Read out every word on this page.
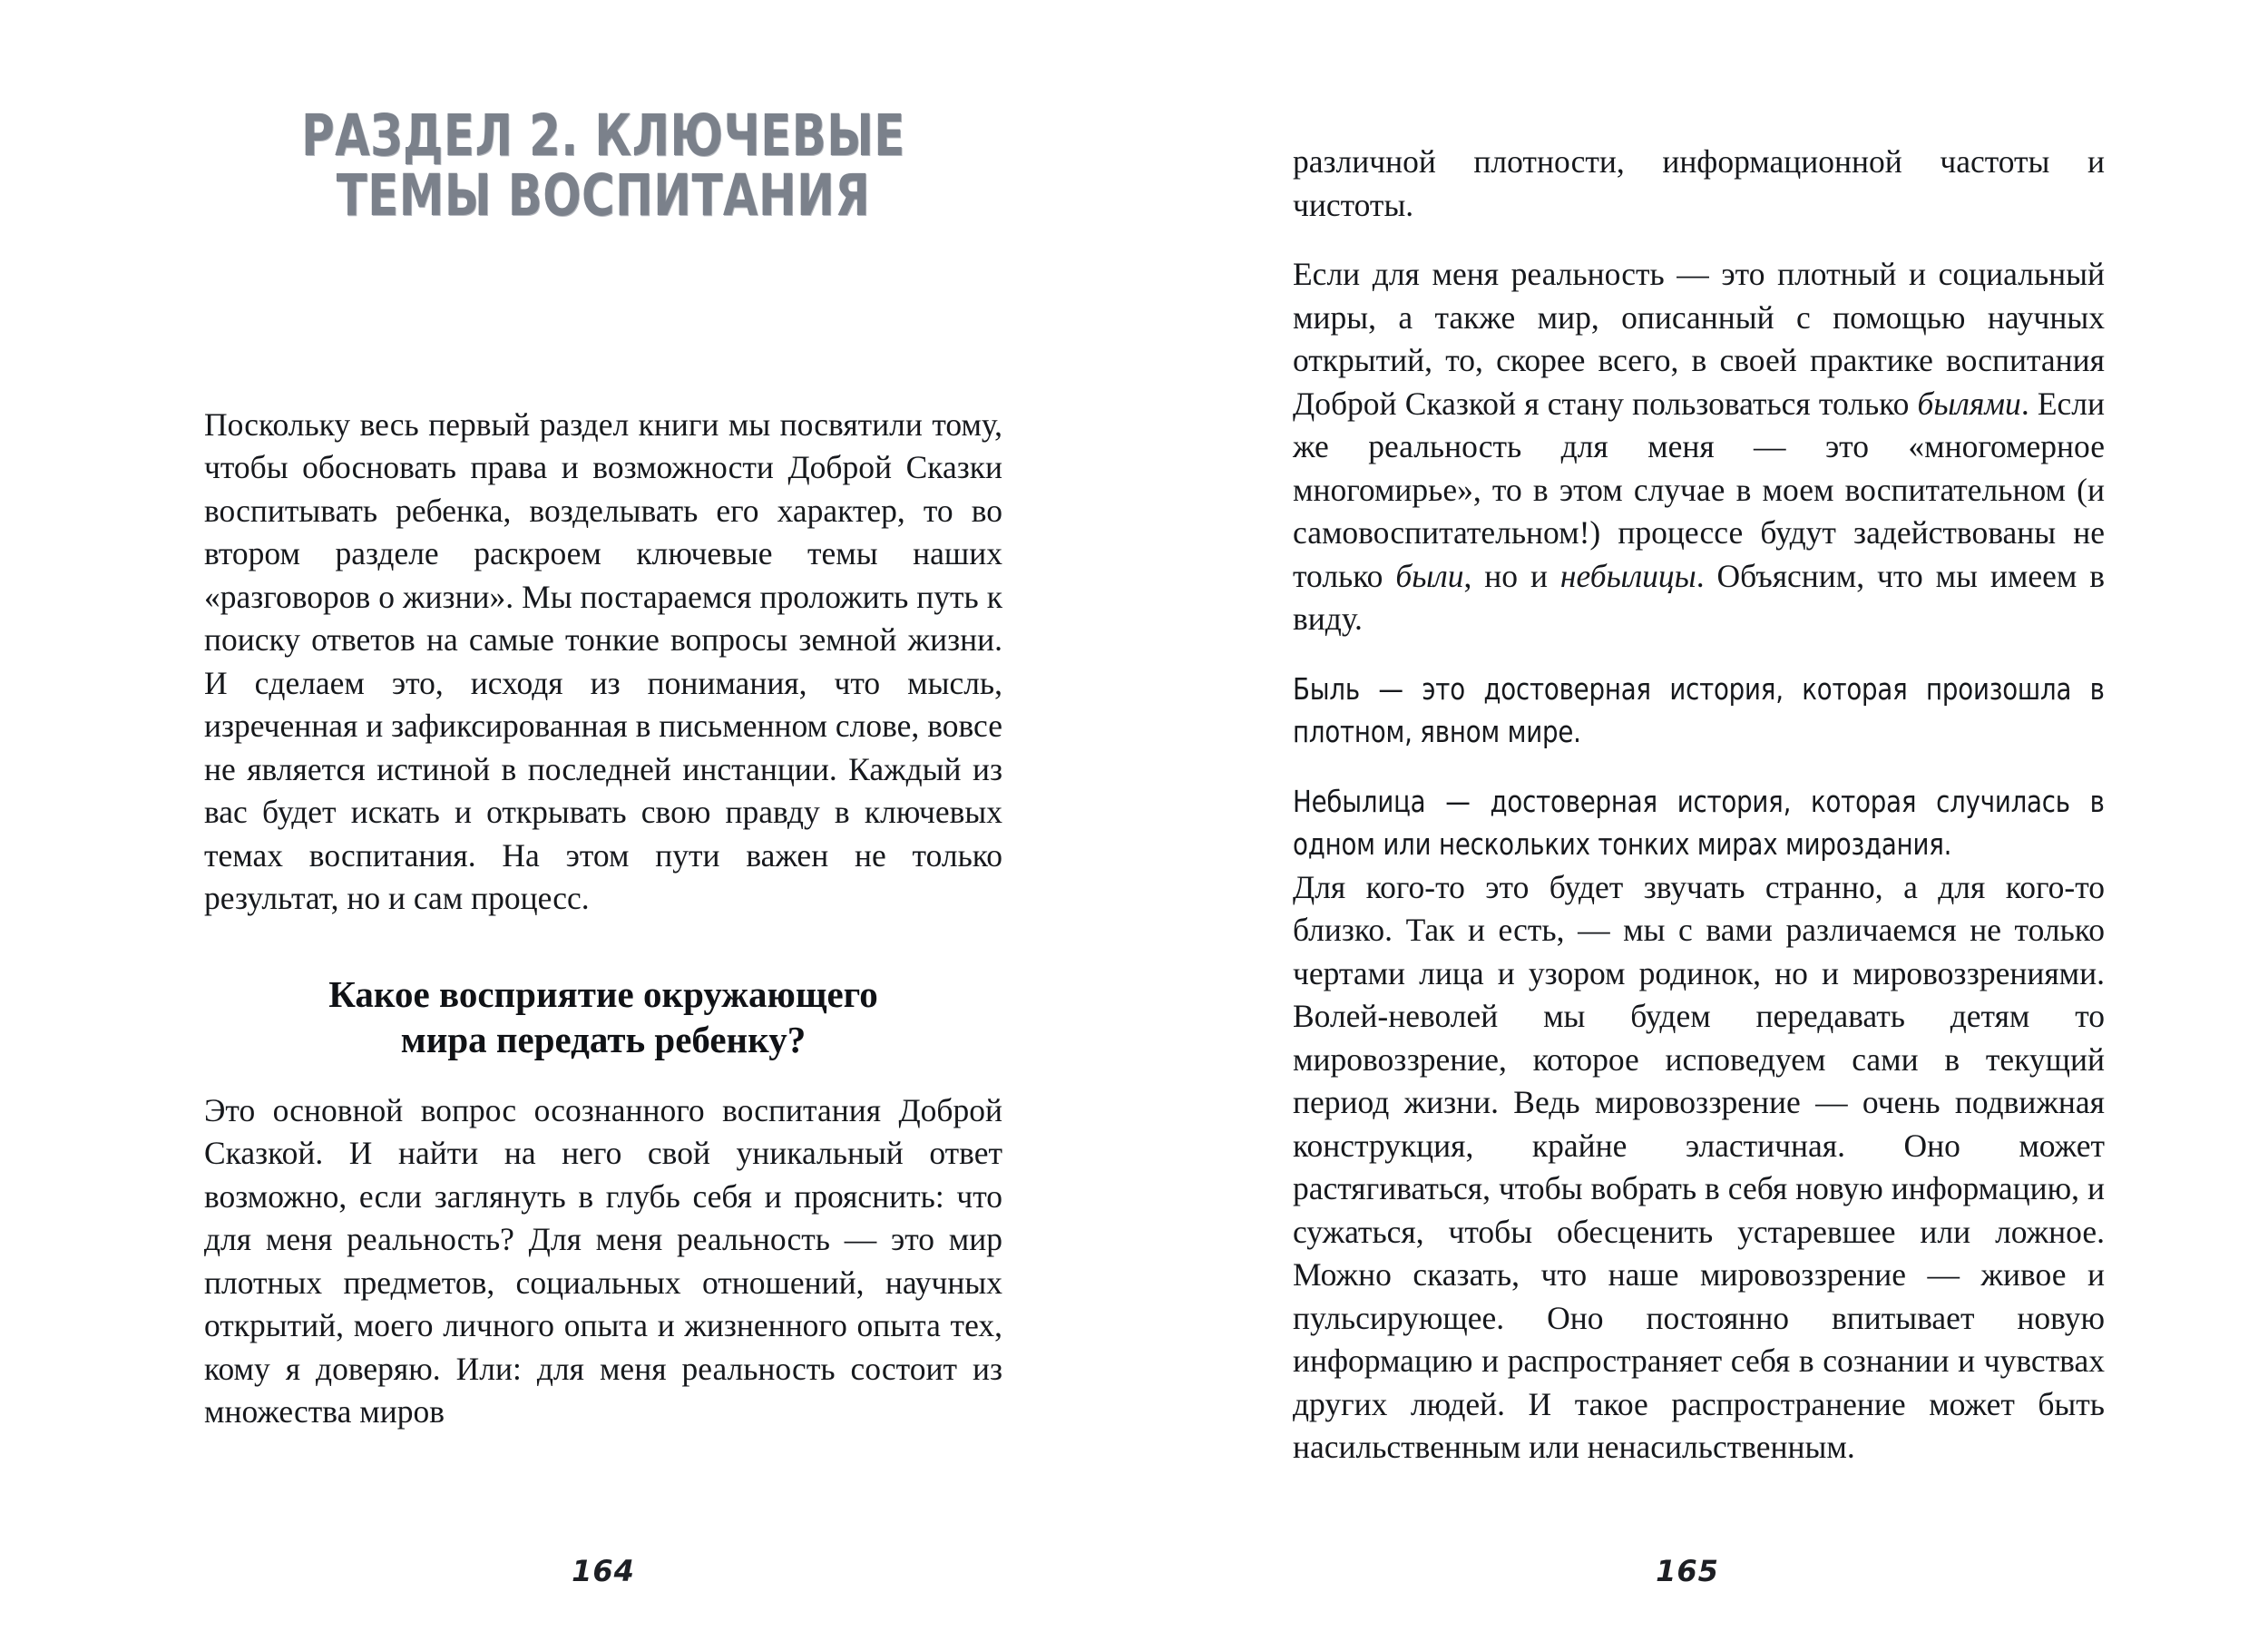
РАЗДЕЛ 2. КЛЮЧЕВЫЕ
ТЕМЫ ВОСПИТАНИЯ

Поскольку весь первый раздел книги мы посвятили тому, чтобы обосновать права и возможности Доброй Сказки воспитывать ребенка, возделывать его характер, то во втором разделе раскроем ключевые темы наших «разговоров о жизни». Мы постараемся проложить путь к поиску ответов на самые тонкие вопросы земной жизни. И сделаем это, исходя из понимания, что мысль, изреченная и зафиксированная в письменном слове, вовсе не является истиной в последней инстанции. Каждый из вас будет искать и открывать свою правду в ключевых темах воспитания. На этом пути важен не только результат, но и сам процесс.

Какое восприятие окружающего
мира передать ребенку?

Это основной вопрос осознанного воспитания Доброй Сказкой. И найти на него свой уникальный ответ возможно, если заглянуть в глубь себя и прояснить: что для меня реальность? Для меня реальность — это мир плотных предметов, социальных отношений, научных открытий, моего личного опыта и жизненного опыта тех, кому я доверяю. Или: для меня реальность состоит из множества миров

164

различной плотности, информационной частоты и чистоты.

Если для меня реальность — это плотный и социальный миры, а также мир, описанный с помощью научных открытий, то, скорее всего, в своей практике воспитания Доброй Сказкой я стану пользоваться только былями. Если же реальность для меня — это «многомерное многомирье», то в этом случае в моем воспитательном (и самовоспитательном!) процессе будут задействованы не только были, но и небылицы. Объясним, что мы имеем в виду.

Быль — это достоверная история, которая произошла в плотном, явном мире.

Небылица — достоверная история, которая случилась в одном или нескольких тонких мирах мироздания.

Для кого-то это будет звучать странно, а для кого-то близко. Так и есть, — мы с вами различаемся не только чертами лица и узором родинок, но и мировоззрениями. Волей-неволей мы будем передавать детям то мировоззрение, которое исповедуем сами в текущий период жизни. Ведь мировоззрение — очень подвижная конструкция, крайне эластичная. Оно может растягиваться, чтобы вобрать в себя новую информацию, и сужаться, чтобы обесценить устаревшее или ложное. Можно сказать, что наше мировоззрение — живое и пульсирующее. Оно постоянно впитывает новую информацию и распространяет себя в сознании и чувствах других людей. И такое распространение может быть насильственным или ненасильственным.

165
